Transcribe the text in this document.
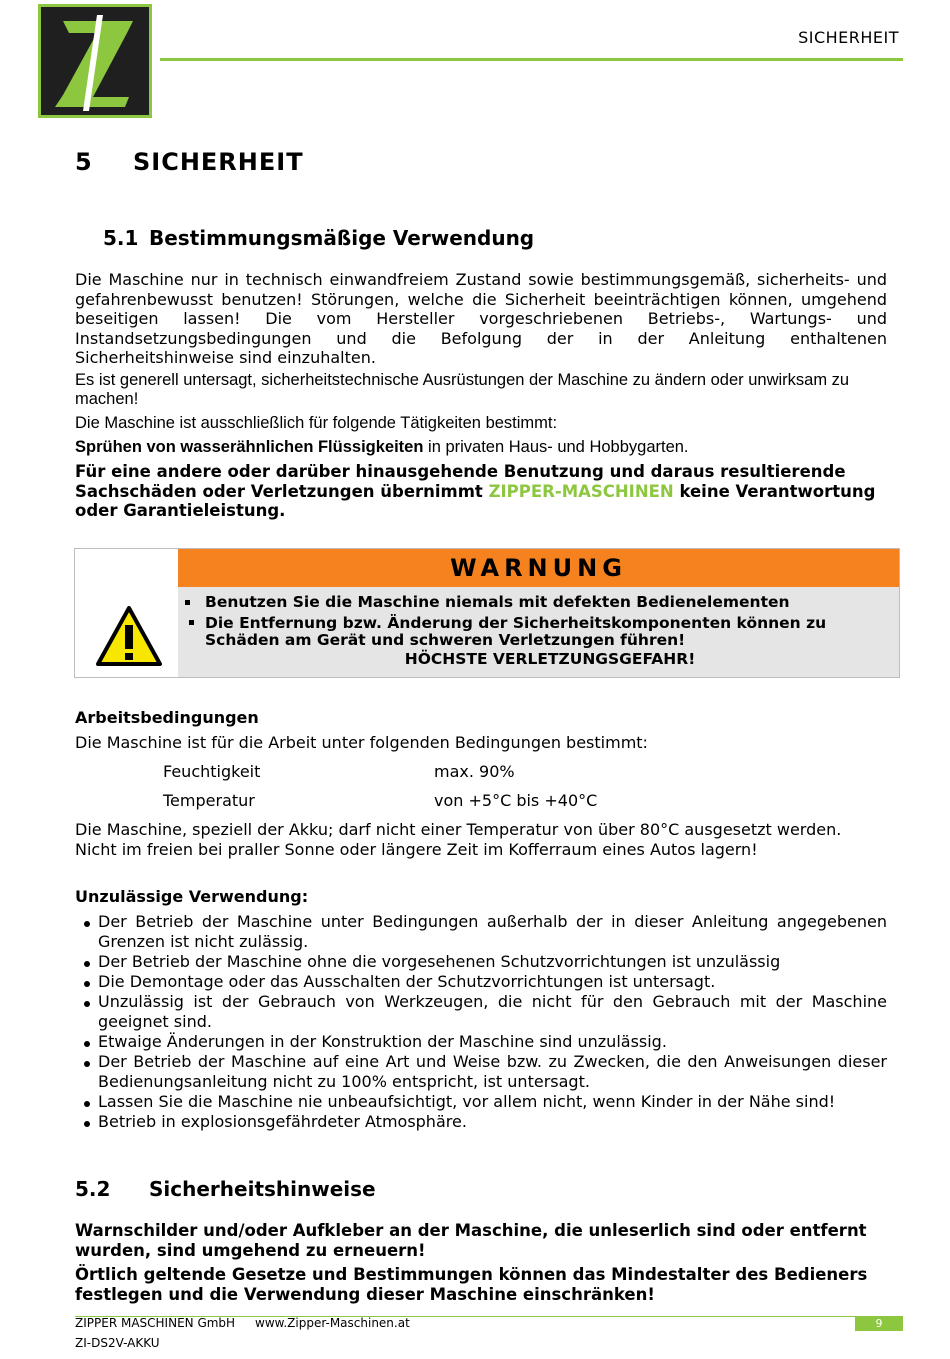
SICHERHEIT
5 SICHERHEIT
5.1 Bestimmungsmäßige Verwendung
Die Maschine nur in technisch einwandfreiem Zustand sowie bestimmungsgemäß, sicherheits- und gefahrenbewusst benutzen! Störungen, welche die Sicherheit beeinträchtigen können, umgehend beseitigen lassen! Die vom Hersteller vorgeschriebenen Betriebs-, Wartungs- und Instandsetzungsbedingungen und die Befolgung der in der Anleitung enthaltenen Sicherheitshinweise sind einzuhalten.
Es ist generell untersagt, sicherheitstechnische Ausrüstungen der Maschine zu ändern oder unwirksam zu machen!
Die Maschine ist ausschließlich für folgende Tätigkeiten bestimmt:
Sprühen von wasserähnlichen Flüssigkeiten in privaten Haus- und Hobbygarten.
Für eine andere oder darüber hinausgehende Benutzung und daraus resultierende Sachschäden oder Verletzungen übernimmt ZIPPER-MASCHINEN keine Verantwortung oder Garantieleistung.
WARNUNG
Benutzen Sie die Maschine niemals mit defekten Bedienelementen
Die Entfernung bzw. Änderung der Sicherheitskomponenten können zu Schäden am Gerät und schweren Verletzungen führen!
HÖCHSTE VERLETZUNGSGEFAHR!
Arbeitsbedingungen
Die Maschine ist für die Arbeit unter folgenden Bedingungen bestimmt:
Feuchtigkeit	max. 90%
Temperatur	von +5°C bis +40°C
Die Maschine, speziell der Akku; darf nicht einer Temperatur von über 80°C ausgesetzt werden. Nicht im freien bei praller Sonne oder längere Zeit im Kofferraum eines Autos lagern!
Unzulässige Verwendung:
Der Betrieb der Maschine unter Bedingungen außerhalb der in dieser Anleitung angegebenen Grenzen ist nicht zulässig.
Der Betrieb der Maschine ohne die vorgesehenen Schutzvorrichtungen ist unzulässig
Die Demontage oder das Ausschalten der Schutzvorrichtungen ist untersagt.
Unzulässig ist der Gebrauch von Werkzeugen, die nicht für den Gebrauch mit der Maschine geeignet sind.
Etwaige Änderungen in der Konstruktion der Maschine sind unzulässig.
Der Betrieb der Maschine auf eine Art und Weise bzw. zu Zwecken, die den Anweisungen dieser Bedienungsanleitung nicht zu 100% entspricht, ist untersagt.
Lassen Sie die Maschine nie unbeaufsichtigt, vor allem nicht, wenn Kinder in der Nähe sind!
Betrieb in explosionsgefährdeter Atmosphäre.
5.2 Sicherheitshinweise
Warnschilder und/oder Aufkleber an der Maschine, die unleserlich sind oder entfernt wurden, sind umgehend zu erneuern!
Örtlich geltende Gesetze und Bestimmungen können das Mindestalter des Bedieners festlegen und die Verwendung dieser Maschine einschränken!
ZIPPER MASCHINEN GmbH www.Zipper-Maschinen.at	9
ZI-DS2V-AKKU
